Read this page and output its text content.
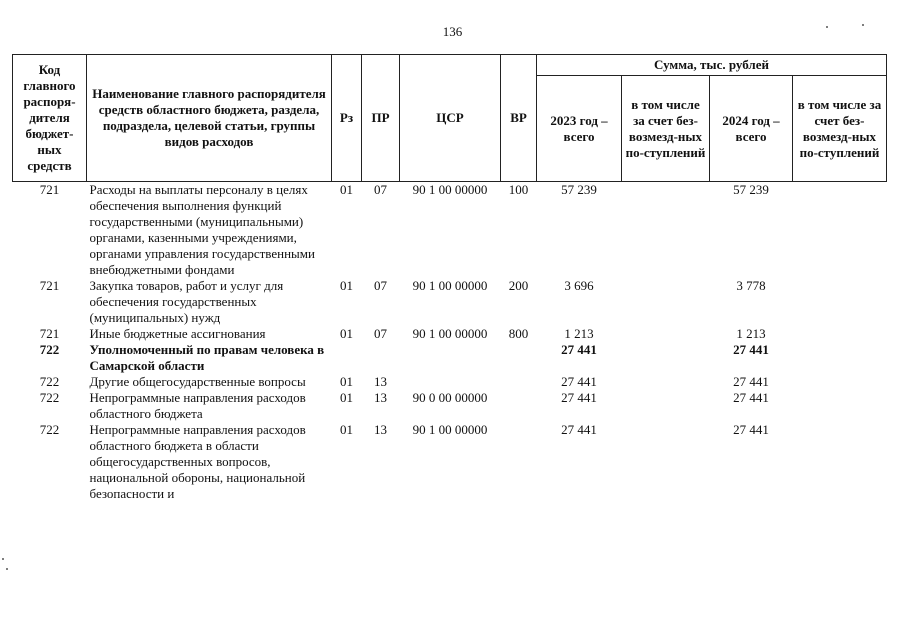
136
Код главного распоря-дителя бюджет-ных средств	Наименование главного распорядителя средств областного бюджета, раздела, подраздела, целевой статьи, группы видов расходов	Рз	ПР	ЦСР	ВР	Сумма, тыс. рублей			
						2023 год – всего	в том числе за счет без-возмезд-ных по-ступлений	2024 год – всего	в том числе за счет без-возмезд-ных по-ступлений
721	Расходы на выплаты персоналу в целях обеспечения выполнения функций государственными (муниципальными) органами, казенными учреждениями, органами управления государственными внебюджетными фондами	01	07	90 1 00 00000	100	57 239		57 239	
721	Закупка товаров, работ и услуг для обеспечения государственных (муниципальных) нужд	01	07	90 1 00 00000	200	3 696		3 778	
721	Иные бюджетные ассигнования	01	07	90 1 00 00000	800	1 213		1 213	
722	Уполномоченный по правам человека в Самарской области					27 441		27 441	
722	Другие общегосударственные вопросы	01	13			27 441		27 441	
722	Непрограммные направления расходов областного бюджета	01	13	90 0 00 00000		27 441		27 441	
722	Непрограммные направления расходов областного бюджета в области общегосударственных вопросов, национальной обороны, национальной безопасности и	01	13	90 1 00 00000		27 441		27 441	
